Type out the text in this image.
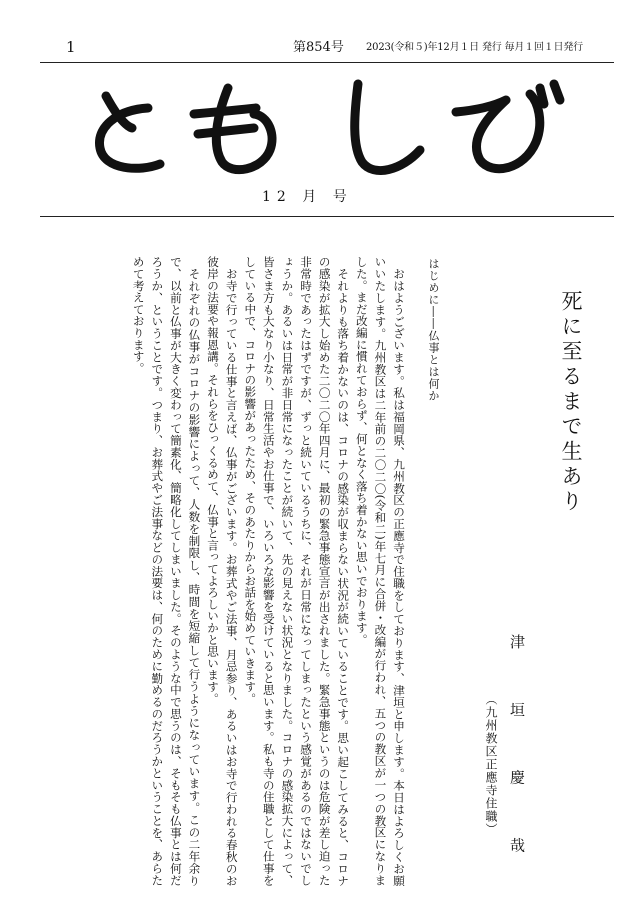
1	第854号 2023(令和５)年12月１日 発行 毎月１回１日発行
12 月 号
死に至るまで生あり
津 垣 慶 哉
（九州教区正應寺住職）
はじめに――仏事とは何か

おはようございます。私は福岡県、九州教区の正應寺で住職をしております、津垣と申します。本日はよろしくお願いいたします。九州教区は二年前の二〇二〇(令和二)年七月に合併・改編が行われ、五つの教区が一つの教区になりました。まだ改編に慣れておらず、何となく落ち着かない思いでおります。

それよりも落ち着かないのは、コロナの感染が収まらない状況が続いていることです。思い起こしてみると、コロナの感染が拡大し始めた二〇二〇年四月に、最初の緊急事態宣言が出されました。緊急事態というのは危険が差し迫った非常時であったはずですが、ずっと続いているうちに、それが日常になってしまったという感覚があるのではないでしょうか。あるいは日常が非日常になったことが続いて、先の見えない状況となりました。コロナの感染拡大によって、皆さま方も大なり小なり、日常生活やお仕事で、いろいろな影響を受けていると思います。私も寺の住職として仕事をしている中で、コロナの影響があったため、そのあたりからお話を始めていきます。

お寺で行っている仕事と言えば、仏事がございます。お葬式やご法事、月忌参り、あるいはお寺で行われる春秋のお彼岸の法要や報恩講。それらをひっくるめて、仏事と言ってよろしいかと思います。

それぞれの仏事がコロナの影響によって、人数を制限し、時間を短縮して行うようになっています。この二年余りで、以前と仏事が大きく変わって簡素化、簡略化してしまいました。そのような中で思うのは、そもそも仏事とは何だろうか、ということです。つまり、お葬式やご法事などの法要は、何のために勤めるのだろうかということを、あらためて考えております。
